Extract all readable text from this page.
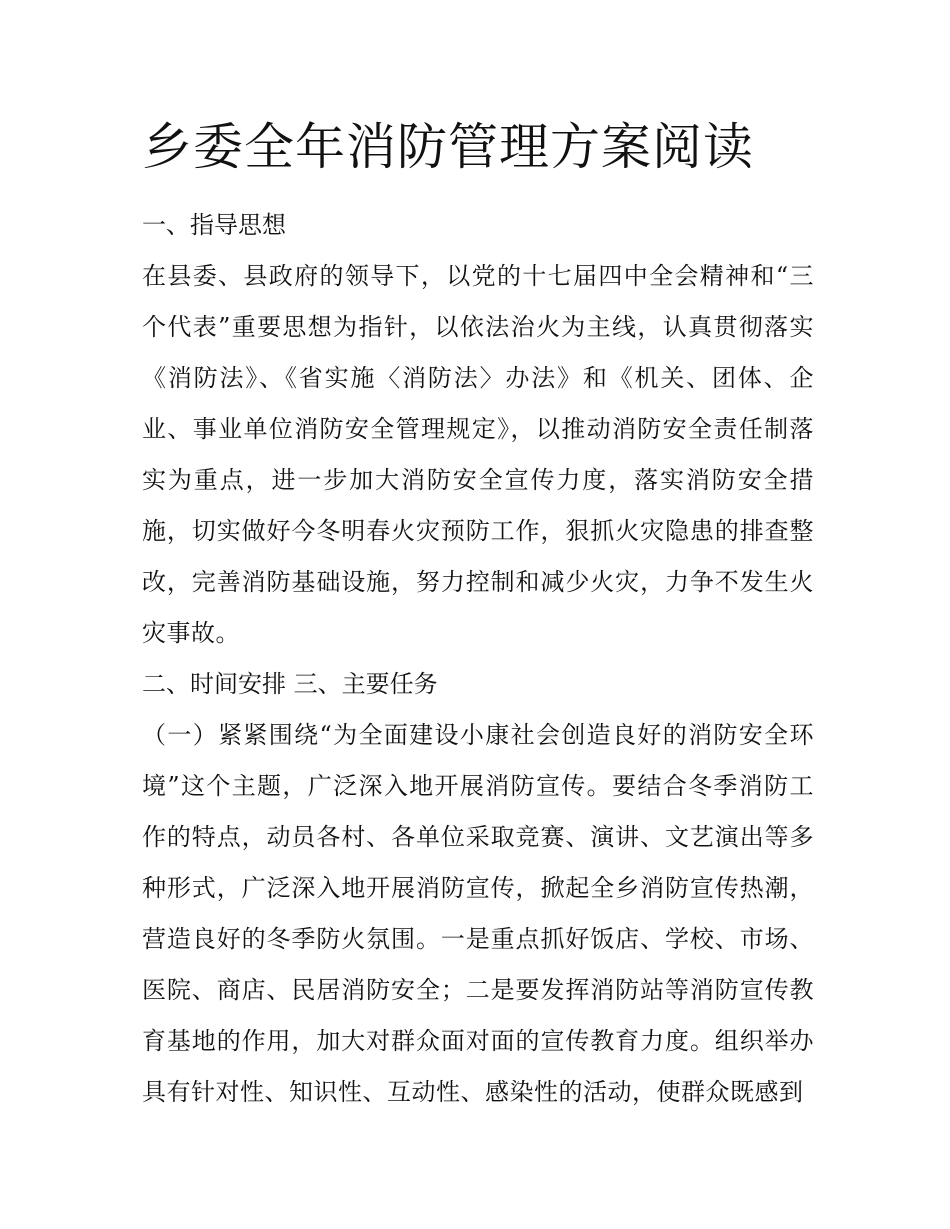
乡委全年消防管理方案阅读

一、指导思想

在县委、县政府的领导下，以党的十七届四中全会精神和“三个代表”重要思想为指针，以依法治火为主线，认真贯彻落实《消防法》、《省实施〈消防法〉办法》和《机关、团体、企业、事业单位消防安全管理规定》，以推动消防安全责任制落实为重点，进一步加大消防安全宣传力度，落实消防安全措施，切实做好今冬明春火灾预防工作，狠抓火灾隐患的排查整改，完善消防基础设施，努力控制和减少火灾，力争不发生火灾事故。

二、时间安排 三、主要任务

（一）紧紧围绕“为全面建设小康社会创造良好的消防安全环境”这个主题，广泛深入地开展消防宣传。要结合冬季消防工作的特点，动员各村、各单位采取竞赛、演讲、文艺演出等多种形式，广泛深入地开展消防宣传，掀起全乡消防宣传热潮，营造良好的冬季防火氛围。一是重点抓好饭店、学校、市场、医院、商店、民居消防安全；二是要发挥消防站等消防宣传教育基地的作用，加大对群众面对面的宣传教育力度。组织举办具有针对性、知识性、互动性、感染性的活动，使群众既感到
